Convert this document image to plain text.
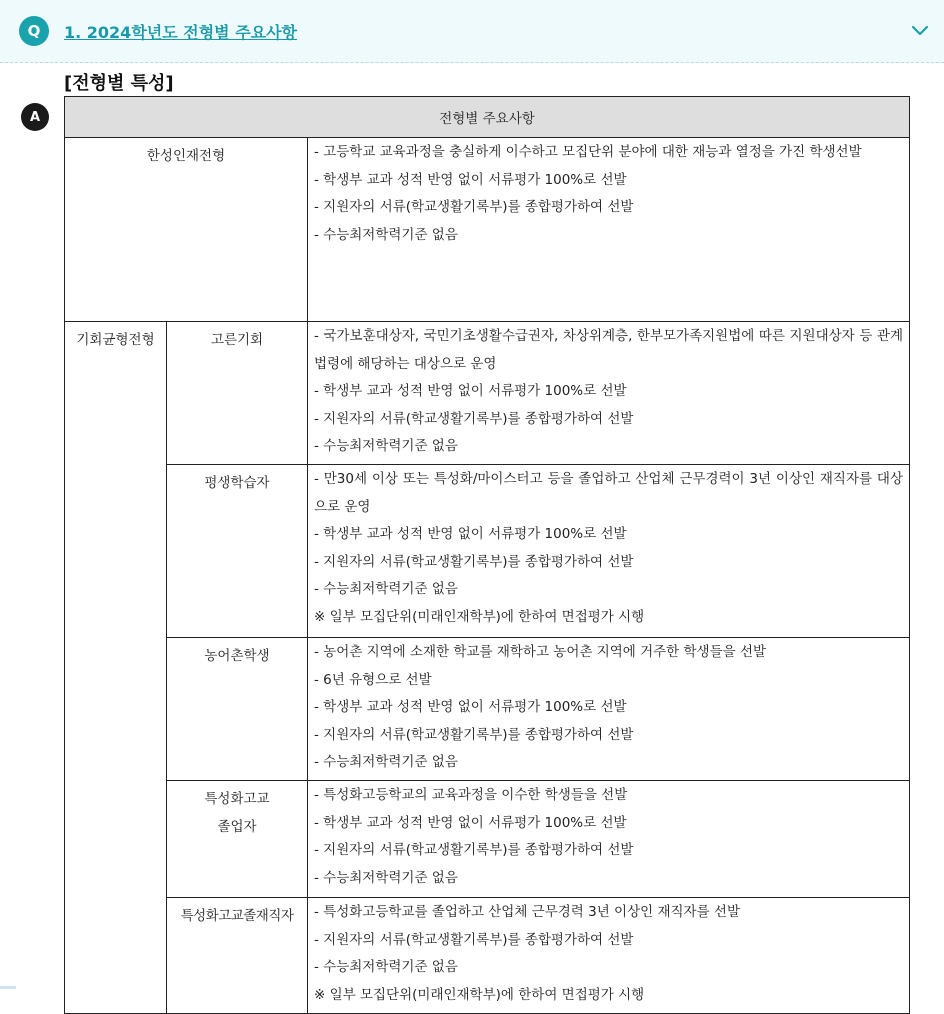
Q	1. 2024학년도 전형별 주요사항
[전형별 특성]
A	전형별 주요사항		
한성인재전형		- 고등학교 교육과정을 충실하게 이수하고 모집단위 분야에 대한 재능과 열정을 가진 학생선발
- 학생부 교과 성적 반영 없이 서류평가 100%로 선발
- 지원자의 서류(학교생활기록부)를 종합평가하여 선발
- 수능최저학력기준 없음

기회균형전형	고른기회	- 국가보훈대상자, 국민기초생활수급권자, 차상위계층, 한부모가족지원법에 따른 지원대상자 등 관계 법령에 해당하는 대상으로 운영
- 학생부 교과 성적 반영 없이 서류평가 100%로 선발
- 지원자의 서류(학교생활기록부)를 종합평가하여 선발
- 수능최저학력기준 없음

	평생학습자	- 만30세 이상 또는 특성화/마이스터고 등을 졸업하고 산업체 근무경력이 3년 이상인 재직자를 대상으로 운영
- 학생부 교과 성적 반영 없이 서류평가 100%로 선발
- 지원자의 서류(학교생활기록부)를 종합평가하여 선발
- 수능최저학력기준 없음
※ 일부 모집단위(미래인재학부)에 한하여 면접평가 시행

	농어촌학생	- 농어촌 지역에 소재한 학교를 재학하고 농어촌 지역에 거주한 학생들을 선발
- 6년 유형으로 선발
- 학생부 교과 성적 반영 없이 서류평가 100%로 선발
- 지원자의 서류(학교생활기록부)를 종합평가하여 선발
- 수능최저학력기준 없음

	특성화고교
졸업자	- 특성화고등학교의 교육과정을 이수한 학생들을 선발
- 학생부 교과 성적 반영 없이 서류평가 100%로 선발
- 지원자의 서류(학교생활기록부)를 종합평가하여 선발
- 수능최저학력기준 없음

	특성화고교졸재직자	- 특성화고등학교를 졸업하고 산업체 근무경력 3년 이상인 재직자를 선발
- 지원자의 서류(학교생활기록부)를 종합평가하여 선발
- 수능최저학력기준 없음
※ 일부 모집단위(미래인재학부)에 한하여 면접평가 시행
